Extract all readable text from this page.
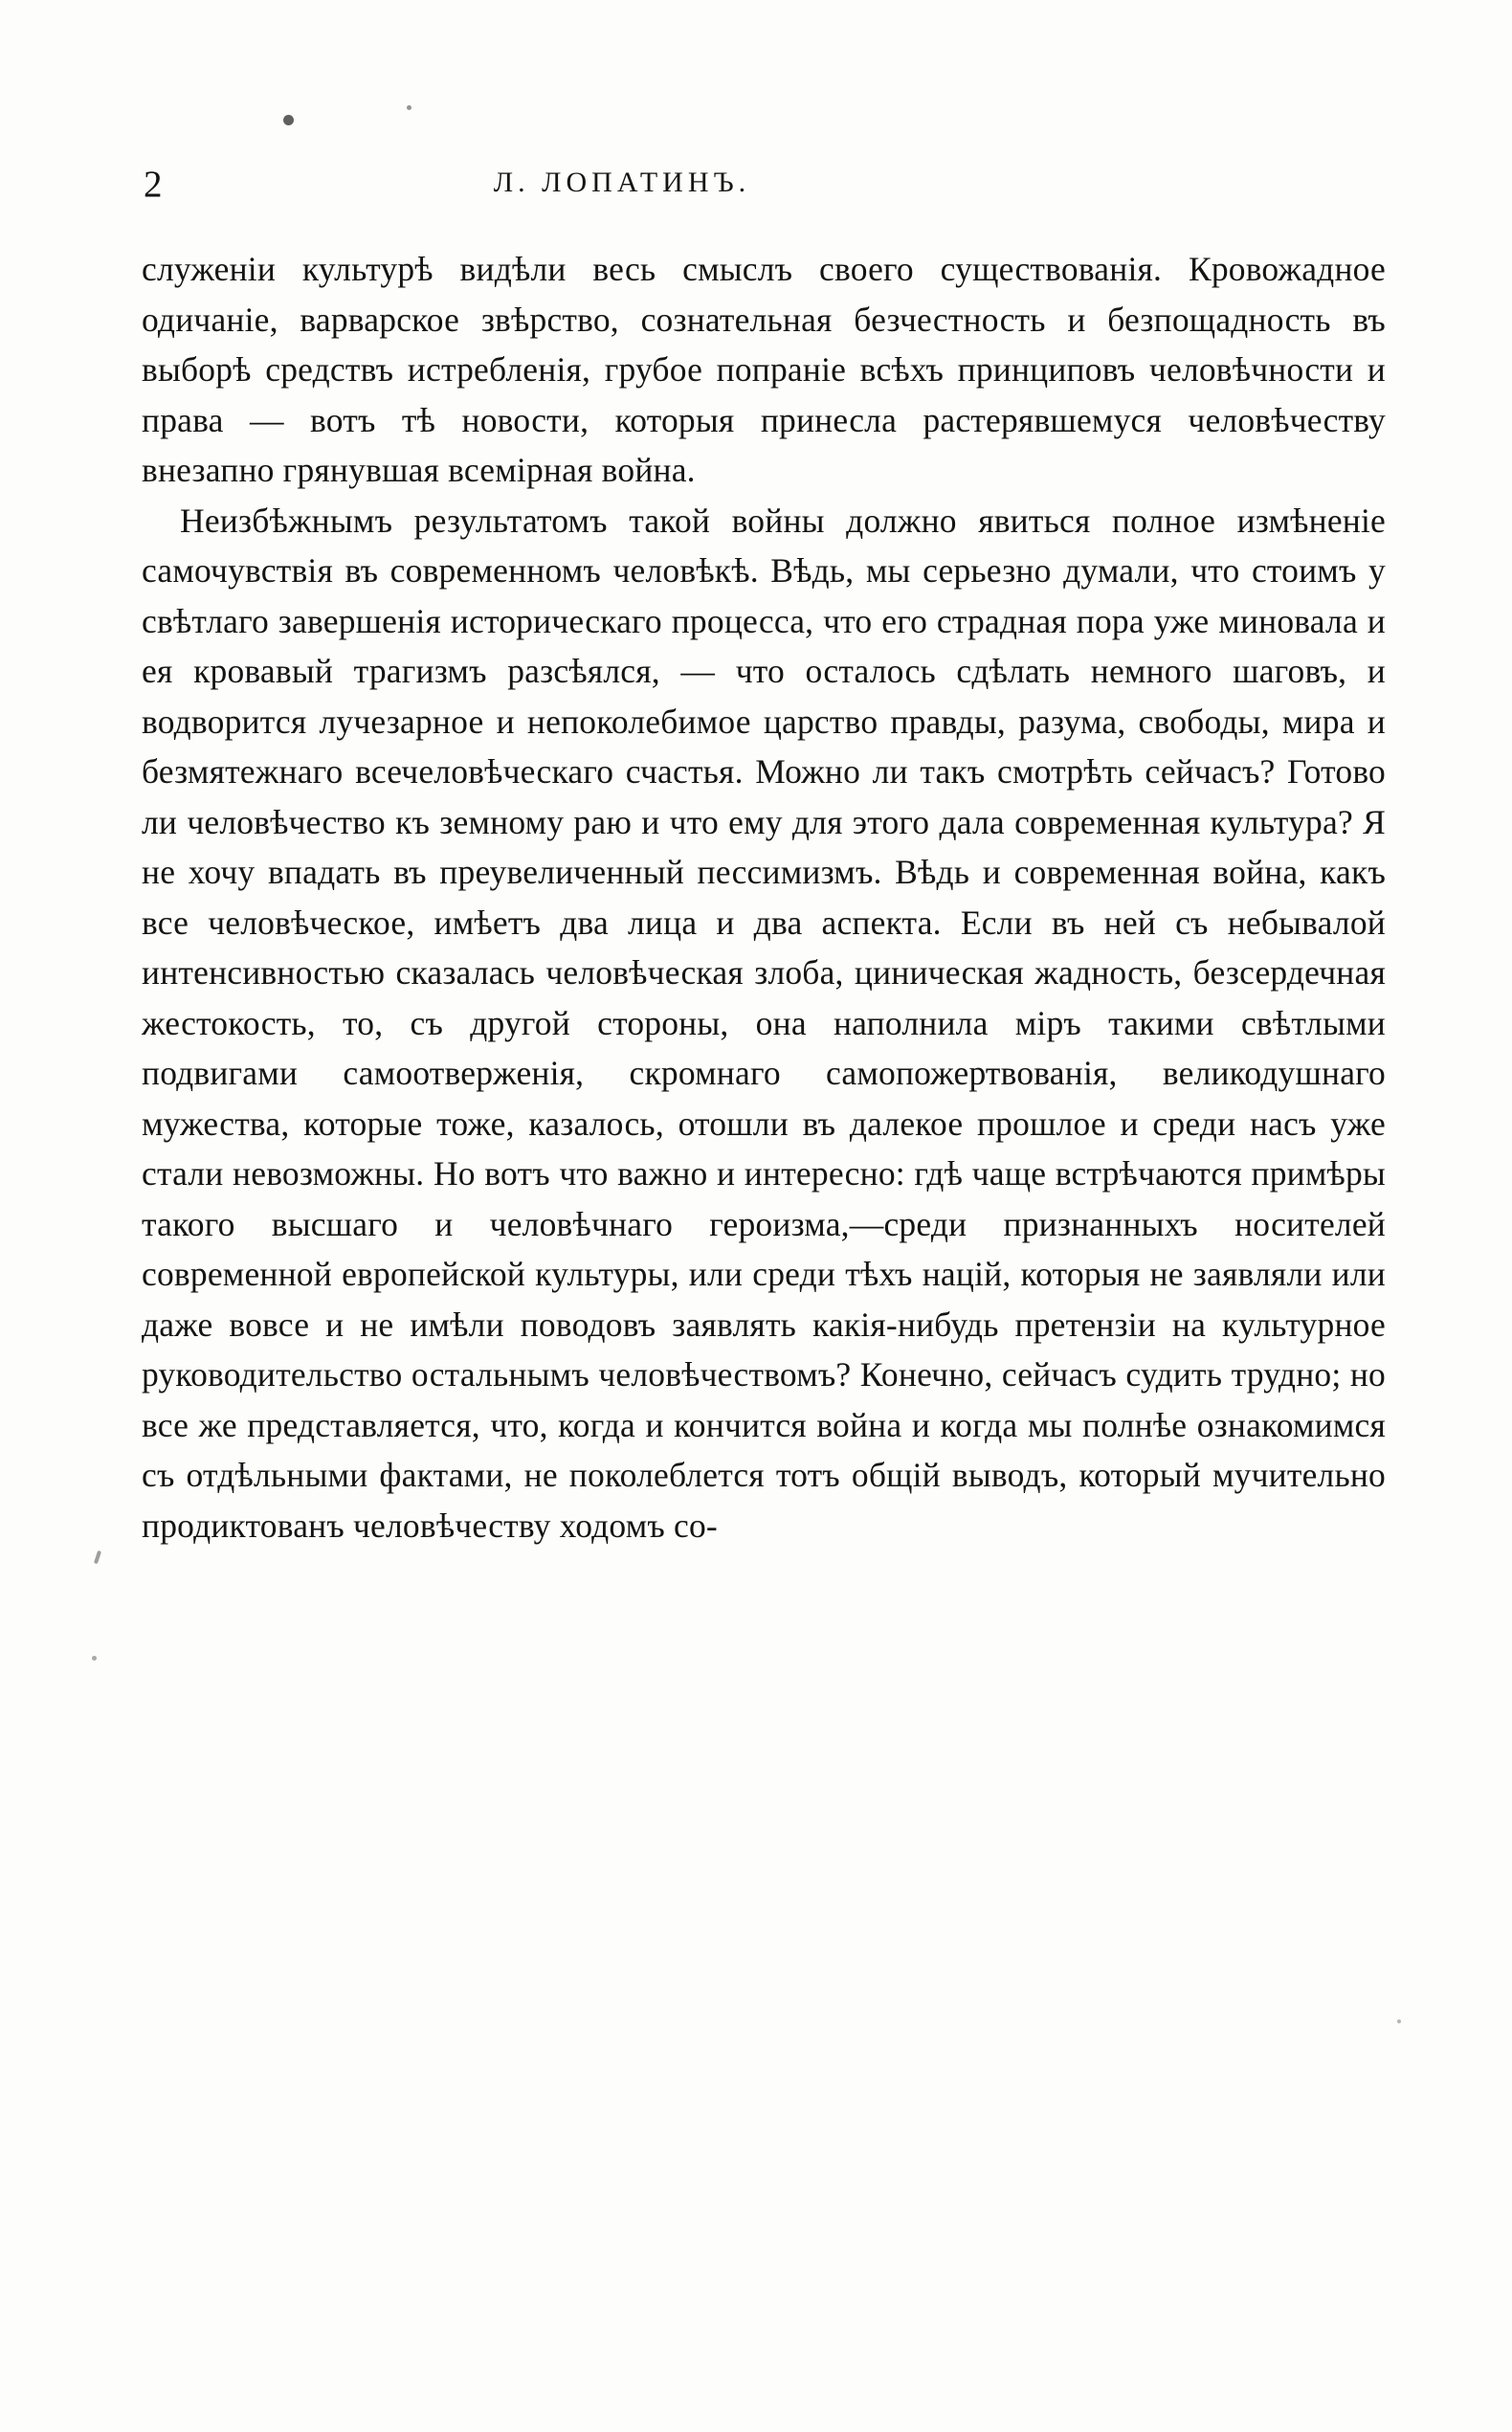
2	Л. ЛОПАТИНЪ.

служеніи культурѣ видѣли весь смыслъ своего существованія. Кровожадное одичаніе, варварское звѣрство, сознательная безчестность и безпощадность въ выборѣ средствъ истребленія, грубое попраніе всѣхъ принциповъ человѣчности и права — вотъ тѣ новости, которыя принесла растерявшемуся человѣчеству внезапно грянувшая всемірная война.

Неизбѣжнымъ результатомъ такой войны должно явиться полное измѣненіе самочувствія въ современномъ человѣкѣ. Вѣдь, мы серьезно думали, что стоимъ у свѣтлаго завершенія историческаго процесса, что его страдная пора уже миновала и ея кровавый трагизмъ разсѣялся, — что осталось сдѣлать немного шаговъ, и водворится лучезарное и непоколебимое царство правды, разума, свободы, мира и безмятежнаго всечеловѣческаго счастья. Можно ли такъ смотрѣть сейчасъ? Готово ли человѣчество къ земному раю и что ему для этого дала современная культура? Я не хочу впадать въ преувеличенный пессимизмъ. Вѣдь и современная война, какъ все человѣческое, имѣетъ два лица и два аспекта. Если въ ней съ небывалой интенсивностью сказалась человѣческая злоба, циническая жадность, безсердечная жестокость, то, съ другой стороны, она наполнила міръ такими свѣтлыми подвигами самоотверженія, скромнаго самопожертвованія, великодушнаго мужества, которые тоже, казалось, отошли въ далекое прошлое и среди насъ уже стали невозможны. Но вотъ что важно и интересно: гдѣ чаще встрѣчаются примѣры такого высшаго и человѣчнаго героизма,—среди признанныхъ носителей современной европейской культуры, или среди тѣхъ націй, которыя не заявляли или даже вовсе и не имѣли поводовъ заявлять какія-нибудь претензіи на культурное руководительство остальнымъ человѣчествомъ? Конечно, сейчасъ судить трудно; но все же представляется, что, когда и кончится война и когда мы полнѣе ознакомимся съ отдѣльными фактами, не поколеблется тотъ общій выводъ, который мучительно продиктованъ человѣчеству ходомъ со-
